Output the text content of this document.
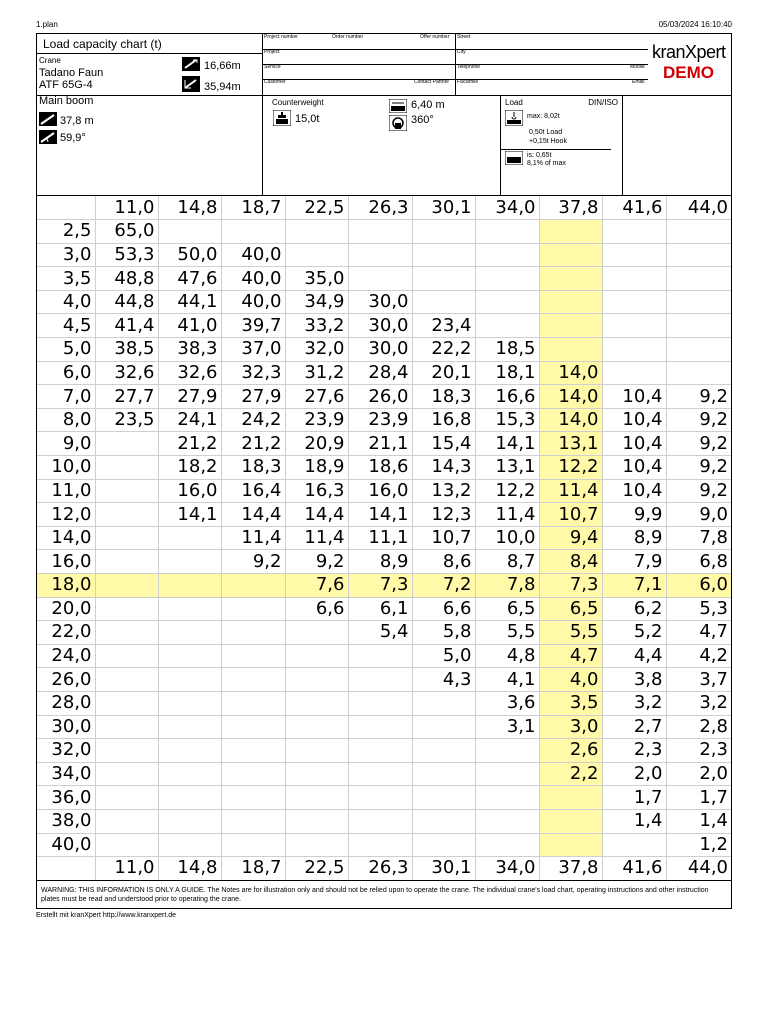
1.plan	05/03/2024 16:10:40
Load capacity chart (t)
Crane
Tadano Faun
ATF 65G-4
16,66m
35,94m
Main boom
37,8 m
59,9°
Project number	Order number	Offer number Street
Project	City
Service	Telephone	Mobile
Customer	Contact Partner Facsimile	Email
kranXpert
DEMO
Counterweight
15,0t
6,40 m
360°
Load	DIN/ISO
max: 8,02t
0,50t Load
+0,15t Hook
is: 0,65t
8,1% of max
	11,0	14,8	18,7	22,5	26,3	30,1	34,0	37,8	41,6	44,0
2,5	65,0									
3,0	53,3	50,0	40,0							
3,5	48,8	47,6	40,0	35,0						
4,0	44,8	44,1	40,0	34,9	30,0					
4,5	41,4	41,0	39,7	33,2	30,0	23,4				
5,0	38,5	38,3	37,0	32,0	30,0	22,2	18,5			
6,0	32,6	32,6	32,3	31,2	28,4	20,1	18,1	14,0		
7,0	27,7	27,9	27,9	27,6	26,0	18,3	16,6	14,0	10,4	9,2
8,0	23,5	24,1	24,2	23,9	23,9	16,8	15,3	14,0	10,4	9,2
9,0		21,2	21,2	20,9	21,1	15,4	14,1	13,1	10,4	9,2
10,0		18,2	18,3	18,9	18,6	14,3	13,1	12,2	10,4	9,2
11,0		16,0	16,4	16,3	16,0	13,2	12,2	11,4	10,4	9,2
12,0		14,1	14,4	14,4	14,1	12,3	11,4	10,7	9,9	9,0
14,0			11,4	11,4	11,1	10,7	10,0	9,4	8,9	7,8
16,0			9,2	9,2	8,9	8,6	8,7	8,4	7,9	6,8
18,0				7,6	7,3	7,2	7,8	7,3	7,1	6,0
20,0				6,6	6,1	6,6	6,5	6,5	6,2	5,3
22,0					5,4	5,8	5,5	5,5	5,2	4,7
24,0						5,0	4,8	4,7	4,4	4,2
26,0						4,3	4,1	4,0	3,8	3,7
28,0							3,6	3,5	3,2	3,2
30,0							3,1	3,0	2,7	2,8
32,0								2,6	2,3	2,3
34,0								2,2	2,0	2,0
36,0									1,7	1,7
38,0									1,4	1,4
40,0										1,2
	11,0	14,8	18,7	22,5	26,3	30,1	34,0	37,8	41,6	44,0
WARNING: THIS INFORMATION IS ONLY A GUIDE. The Notes are for illustration only and should not be relied upon to operate the crane. The individual crane's load chart, operating instructions and other instruction plates must be read and understood prior to operating the crane.
Erstellt mit kranXpert http://www.kranxpert.de
